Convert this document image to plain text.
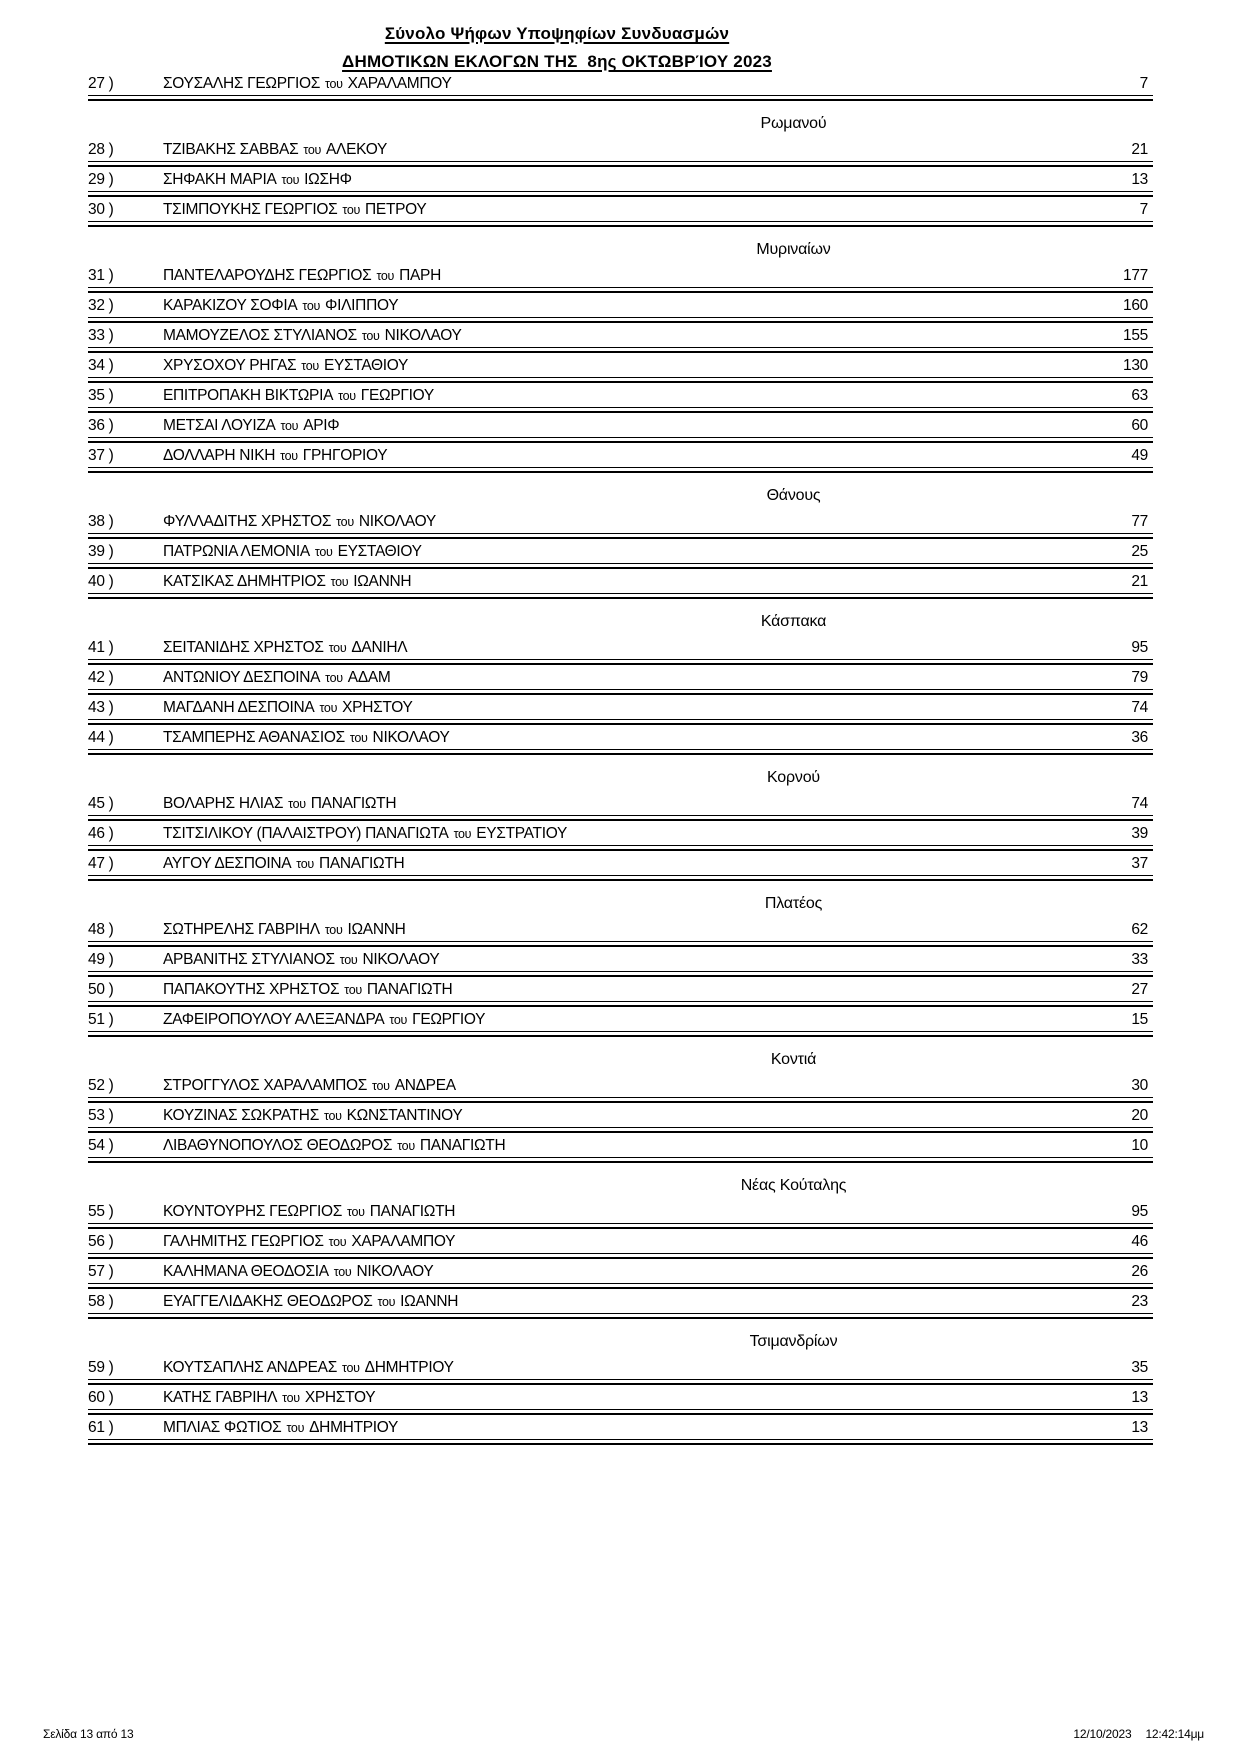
Σύνολο Ψήφων Υποψηφίων Συνδυασμών
ΔΗΜΟΤΙΚΩΝ ΕΚΛΟΓΩΝ ΤΗΣ  8ης ΟΚΤΩΒΡΊΟΥ 2023
27 )	ΣΟΥΣΑΛΗΣ ΓΕΩΡΓΙΟΣ του ΧΑΡΑΛΑΜΠΟΥ	7
Ρωμανού
28 )	ΤΖΙΒΑΚΗΣ ΣΑΒΒΑΣ του ΑΛΕΚΟΥ	21
29 )	ΣΗΦΑΚΗ ΜΑΡΙΑ του ΙΩΣΗΦ	13
30 )	ΤΣΙΜΠΟΥΚΗΣ ΓΕΩΡΓΙΟΣ του ΠΕΤΡΟΥ	7
Μυριναίων
31 )	ΠΑΝΤΕΛΑΡΟΥΔΗΣ ΓΕΩΡΓΙΟΣ του ΠΑΡΗ	177
32 )	ΚΑΡΑΚΙΖΟΥ ΣΟΦΙΑ του ΦΙΛΙΠΠΟΥ	160
33 )	ΜΑΜΟΥΖΕΛΟΣ ΣΤΥΛΙΑΝΟΣ του ΝΙΚΟΛΑΟΥ	155
34 )	ΧΡΥΣΟΧΟΥ ΡΗΓΑΣ του ΕΥΣΤΑΘΙΟΥ	130
35 )	ΕΠΙΤΡΟΠΑΚΗ ΒΙΚΤΩΡΙΑ του ΓΕΩΡΓΙΟΥ	63
36 )	ΜΕΤΣΑΙ ΛΟΥΙΖΑ του ΑΡΙΦ	60
37 )	ΔΟΛΛΑΡΗ ΝΙΚΗ του ΓΡΗΓΟΡΙΟΥ	49
Θάνους
38 )	ΦΥΛΛΑΔΙΤΗΣ ΧΡΗΣΤΟΣ του ΝΙΚΟΛΑΟΥ	77
39 )	ΠΑΤΡΩΝΙΑ ΛΕΜΟΝΙΑ του ΕΥΣΤΑΘΙΟΥ	25
40 )	ΚΑΤΣΙΚΑΣ ΔΗΜΗΤΡΙΟΣ του ΙΩΑΝΝΗ	21
Κάσπακα
41 )	ΣΕΪΤΑΝΙΔΗΣ ΧΡΗΣΤΟΣ του ΔΑΝΙΗΛ	95
42 )	ΑΝΤΩΝΙΟΥ ΔΕΣΠΟΙΝΑ του ΑΔΑΜ	79
43 )	ΜΑΓΔΑΝΗ ΔΕΣΠΟΙΝΑ του ΧΡΗΣΤΟΥ	74
44 )	ΤΣΑΜΠΕΡΗΣ ΑΘΑΝΑΣΙΟΣ του ΝΙΚΟΛΑΟΥ	36
Κορνού
45 )	ΒΟΛΑΡΗΣ ΗΛΙΑΣ του ΠΑΝΑΓΙΩΤΗ	74
46 )	ΤΣΙΤΣΙΛΙΚΟΥ (ΠΑΛΑΙΣΤΡΟΥ) ΠΑΝΑΓΙΩΤΑ του ΕΥΣΤΡΑΤΙΟΥ	39
47 )	ΑΥΓΟΥ ΔΕΣΠΟΙΝΑ του ΠΑΝΑΓΙΩΤΗ	37
Πλατέος
48 )	ΣΩΤΗΡΕΛΗΣ ΓΑΒΡΙΗΛ του ΙΩΑΝΝΗ	62
49 )	ΑΡΒΑΝΙΤΗΣ ΣΤΥΛΙΑΝΟΣ του ΝΙΚΟΛΑΟΥ	33
50 )	ΠΑΠΑΚΟΥΤΗΣ ΧΡΗΣΤΟΣ του ΠΑΝΑΓΙΩΤΗ	27
51 )	ΖΑΦΕΙΡΟΠΟΥΛΟΥ ΑΛΕΞΑΝΔΡΑ του ΓΕΩΡΓΙΟΥ	15
Κοντιά
52 )	ΣΤΡΟΓΓΥΛΟΣ ΧΑΡΑΛΑΜΠΟΣ του ΑΝΔΡΕΑ	30
53 )	ΚΟΥΖΙΝΑΣ ΣΩΚΡΑΤΗΣ του ΚΩΝΣΤΑΝΤΙΝΟΥ	20
54 )	ΛΙΒΑΘΥΝΟΠΟΥΛΟΣ ΘΕΟΔΩΡΟΣ του ΠΑΝΑΓΙΩΤΗ	10
Νέας Κούταλης
55 )	ΚΟΥΝΤΟΥΡΗΣ ΓΕΩΡΓΙΟΣ του ΠΑΝΑΓΙΩΤΗ	95
56 )	ΓΑΛΗΜΙΤΗΣ ΓΕΩΡΓΙΟΣ του ΧΑΡΑΛΑΜΠΟΥ	46
57 )	ΚΑΛΗΜΑΝΑ ΘΕΟΔΟΣΙΑ του ΝΙΚΟΛΑΟΥ	26
58 )	ΕΥΑΓΓΕΛΙΔΑΚΗΣ ΘΕΟΔΩΡΟΣ του ΙΩΑΝΝΗ	23
Τσιμανδρίων
59 )	ΚΟΥΤΣΑΠΛΗΣ ΑΝΔΡΕΑΣ του ΔΗΜΗΤΡΙΟΥ	35
60 )	ΚΑΤΗΣ ΓΑΒΡΙΗΛ του ΧΡΗΣΤΟΥ	13
61 )	ΜΠΛΙΑΣ ΦΩΤΙΟΣ του ΔΗΜΗΤΡΙΟΥ	13
Σελίδα 13 από 13	12/10/2023 12:42:14μμ
